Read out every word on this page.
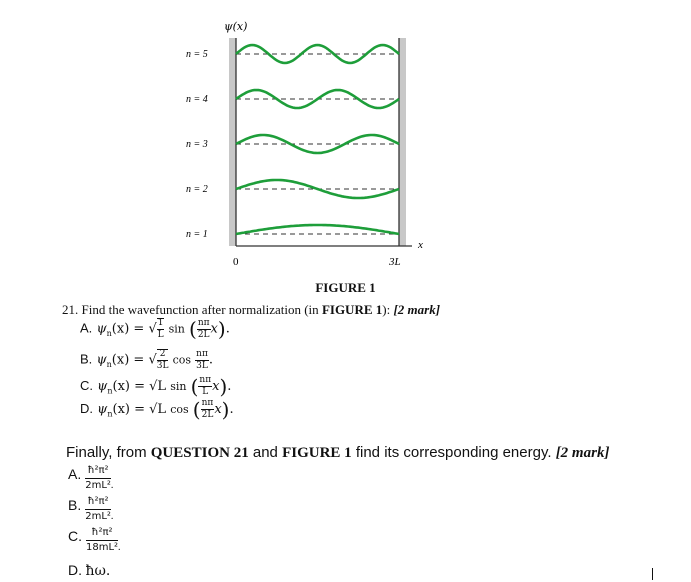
n = 5
n = 4
n = 3
n = 2
n = 1
ψ(x)
0	3L
x
FIGURE 1
21. Find the wavefunction after normalization (in FIGURE 1): [2 mark]
A. $\psi_n(x)$ = √ $\frac{1}{L}$ sin ( $\frac{n\pi}{2L} x$).
B. $\psi_n(x)$ = √ $\frac{2}{3L}$ $\cos \frac{n\pi}{3L}$ .
C. $\psi_n(x) = √L$ sin ( $\frac{n\pi}{L} x$).
D. $\psi_n(x) = √L$ cos ( $\frac{n\pi}{2L} x$).
Finally, from QUESTION 21 and FIGURE 1 find its corresponding energy. [2 mark]
A. $\frac{\text{ħ²π²}}{\text{2mL²}}$ .
B. $\frac{\text{ħ²π²}}{\text{2mL²}}$ .
C. $\frac{\text{ħ²π²}}{\text{18mL²}}$ .
D. ħω.
